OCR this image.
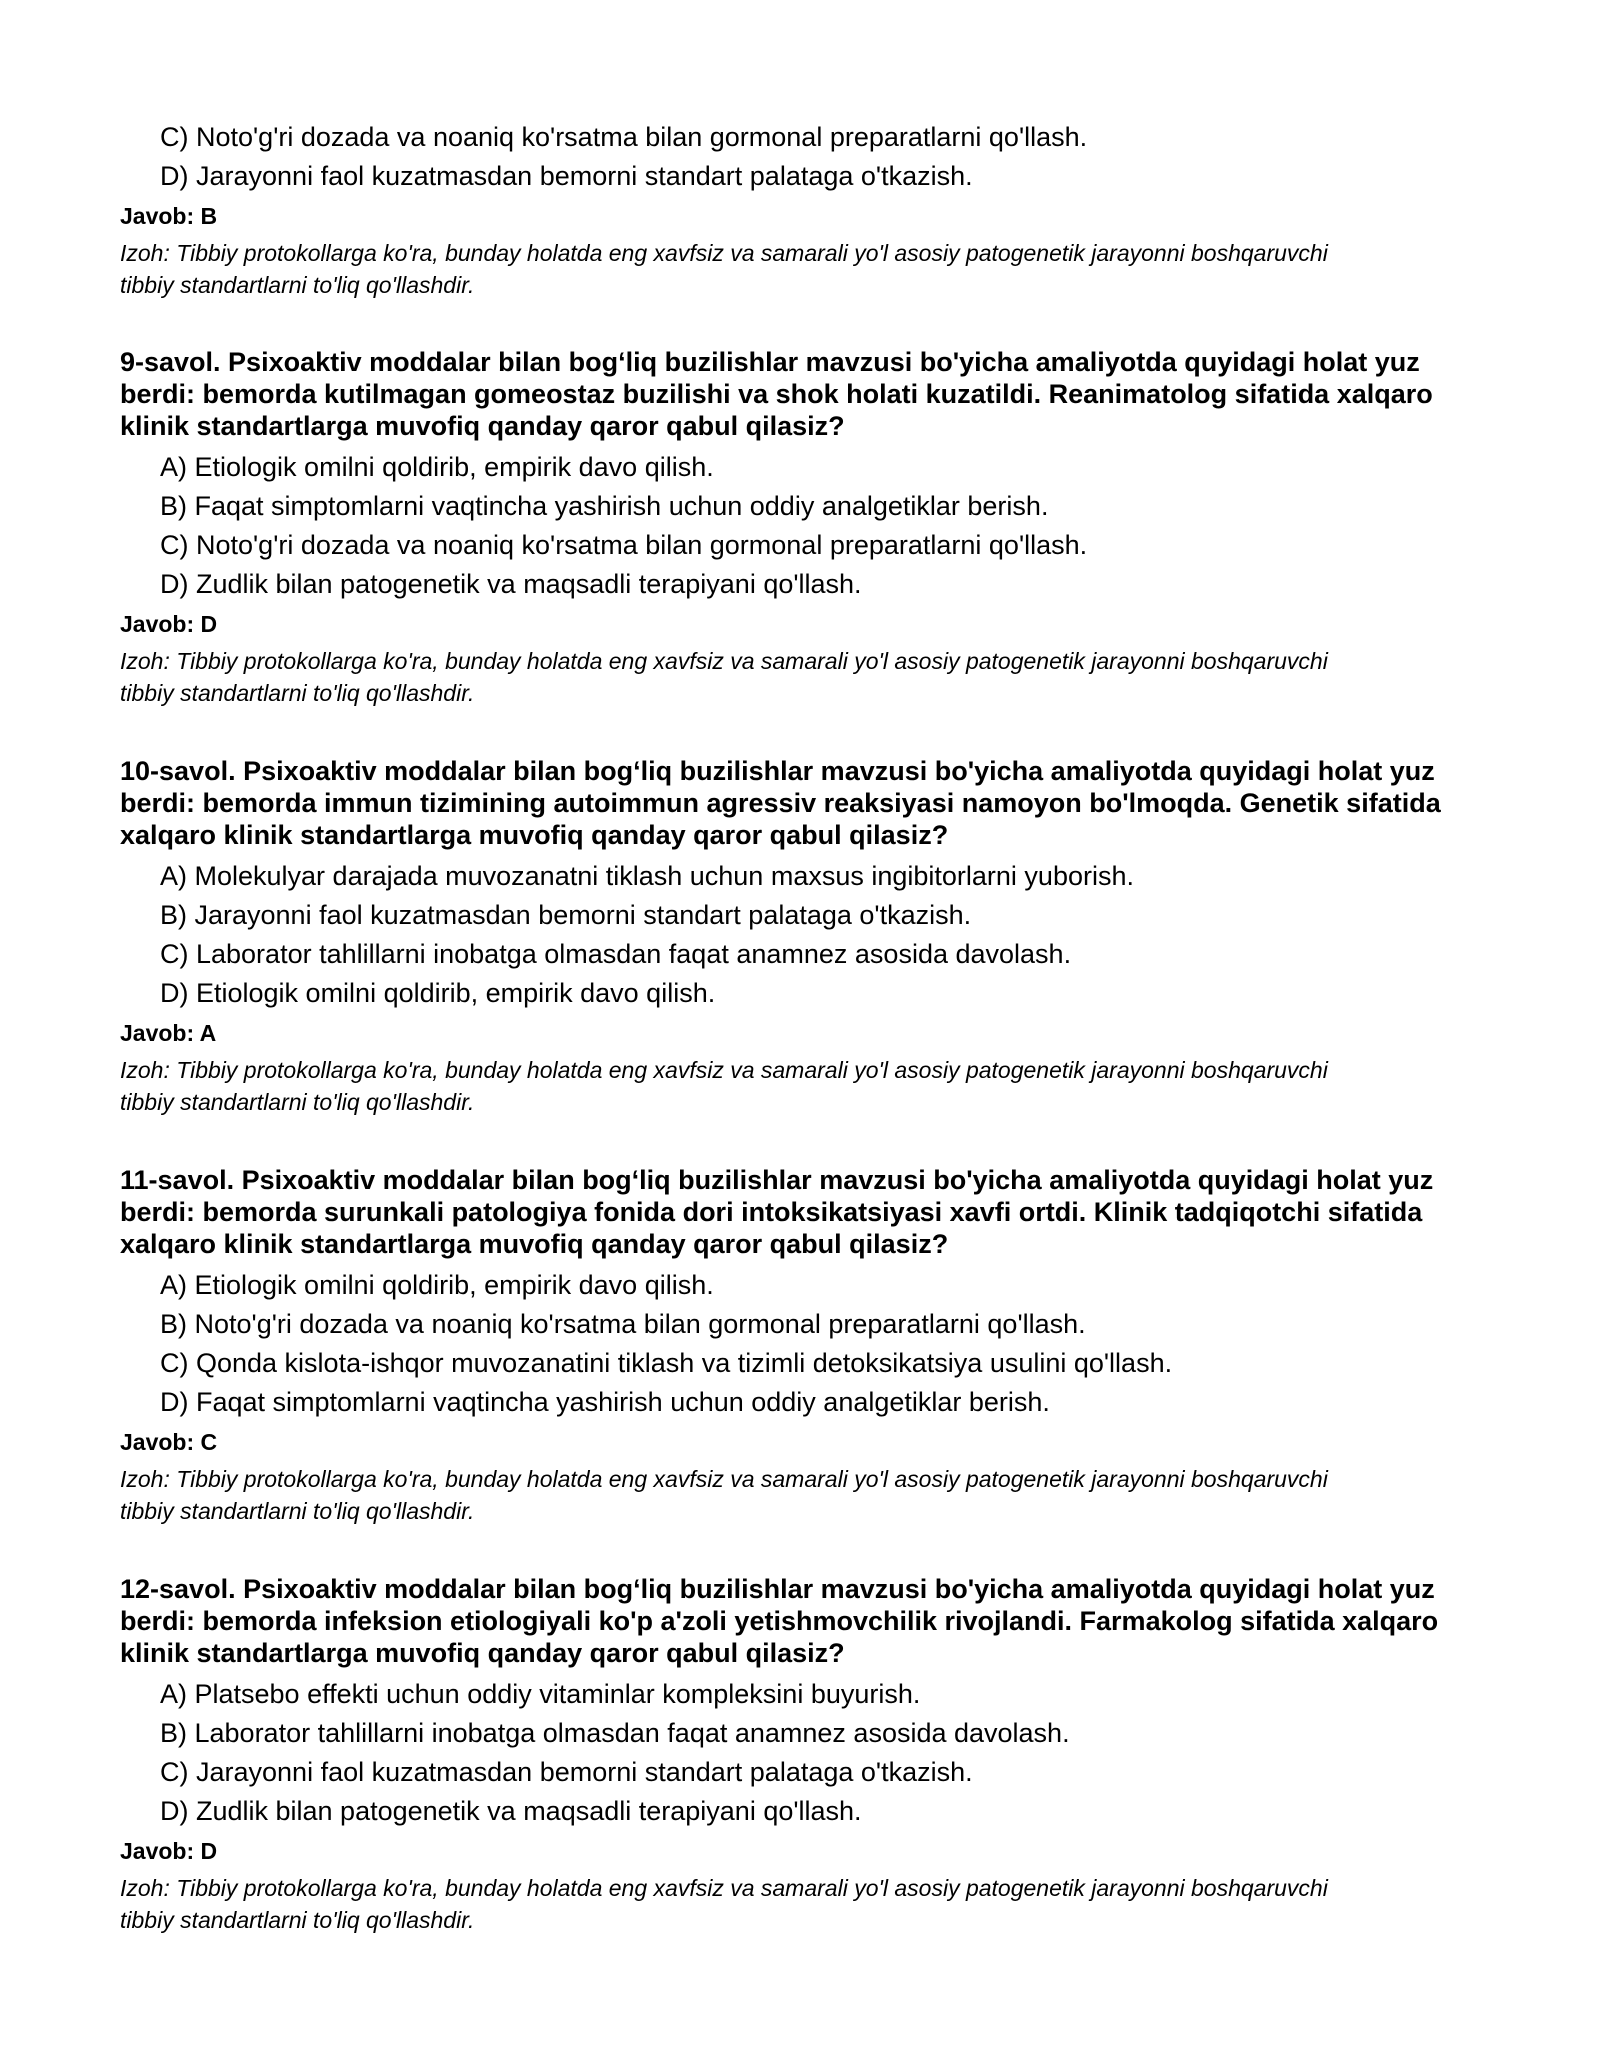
C) Noto'g'ri dozada va noaniq ko'rsatma bilan gormonal preparatlarni qo'llash.
D) Jarayonni faol kuzatmasdan bemorni standart palataga o'tkazish.

Javob: B

Izoh: Tibbiy protokollarga ko'ra, bunday holatda eng xavfsiz va samarali yo'l asosiy patogenetik jarayonni boshqaruvchi tibbiy standartlarni to'liq qo'llashdir.

9-savol. Psixoaktiv moddalar bilan bog‘liq buzilishlar mavzusi bo'yicha amaliyotda quyidagi holat yuz berdi: bemorda kutilmagan gomeostaz buzilishi va shok holati kuzatildi. Reanimatolog sifatida xalqaro klinik standartlarga muvofiq qanday qaror qabul qilasiz?

A) Etiologik omilni qoldirib, empirik davo qilish.
B) Faqat simptomlarni vaqtincha yashirish uchun oddiy analgetiklar berish.
C) Noto'g'ri dozada va noaniq ko'rsatma bilan gormonal preparatlarni qo'llash.
D) Zudlik bilan patogenetik va maqsadli terapiyani qo'llash.

Javob: D

Izoh: Tibbiy protokollarga ko'ra, bunday holatda eng xavfsiz va samarali yo'l asosiy patogenetik jarayonni boshqaruvchi tibbiy standartlarni to'liq qo'llashdir.

10-savol. Psixoaktiv moddalar bilan bog‘liq buzilishlar mavzusi bo'yicha amaliyotda quyidagi holat yuz berdi: bemorda immun tizimining autoimmun agressiv reaksiyasi namoyon bo'lmoqda. Genetik sifatida xalqaro klinik standartlarga muvofiq qanday qaror qabul qilasiz?

A) Molekulyar darajada muvozanatni tiklash uchun maxsus ingibitorlarni yuborish.
B) Jarayonni faol kuzatmasdan bemorni standart palataga o'tkazish.
C) Laborator tahlillarni inobatga olmasdan faqat anamnez asosida davolash.
D) Etiologik omilni qoldirib, empirik davo qilish.

Javob: A

Izoh: Tibbiy protokollarga ko'ra, bunday holatda eng xavfsiz va samarali yo'l asosiy patogenetik jarayonni boshqaruvchi tibbiy standartlarni to'liq qo'llashdir.

11-savol. Psixoaktiv moddalar bilan bog‘liq buzilishlar mavzusi bo'yicha amaliyotda quyidagi holat yuz berdi: bemorda surunkali patologiya fonida dori intoksikatsiyasi xavfi ortdi. Klinik tadqiqotchi sifatida xalqaro klinik standartlarga muvofiq qanday qaror qabul qilasiz?

A) Etiologik omilni qoldirib, empirik davo qilish.
B) Noto'g'ri dozada va noaniq ko'rsatma bilan gormonal preparatlarni qo'llash.
C) Qonda kislota-ishqor muvozanatini tiklash va tizimli detoksikatsiya usulini qo'llash.
D) Faqat simptomlarni vaqtincha yashirish uchun oddiy analgetiklar berish.

Javob: C

Izoh: Tibbiy protokollarga ko'ra, bunday holatda eng xavfsiz va samarali yo'l asosiy patogenetik jarayonni boshqaruvchi tibbiy standartlarni to'liq qo'llashdir.

12-savol. Psixoaktiv moddalar bilan bog‘liq buzilishlar mavzusi bo'yicha amaliyotda quyidagi holat yuz berdi: bemorda infeksion etiologiyali ko'p a'zoli yetishmovchilik rivojlandi. Farmakolog sifatida xalqaro klinik standartlarga muvofiq qanday qaror qabul qilasiz?

A) Platsebo effekti uchun oddiy vitaminlar kompleksini buyurish.
B) Laborator tahlillarni inobatga olmasdan faqat anamnez asosida davolash.
C) Jarayonni faol kuzatmasdan bemorni standart palataga o'tkazish.
D) Zudlik bilan patogenetik va maqsadli terapiyani qo'llash.

Javob: D

Izoh: Tibbiy protokollarga ko'ra, bunday holatda eng xavfsiz va samarali yo'l asosiy patogenetik jarayonni boshqaruvchi tibbiy standartlarni to'liq qo'llashdir.
